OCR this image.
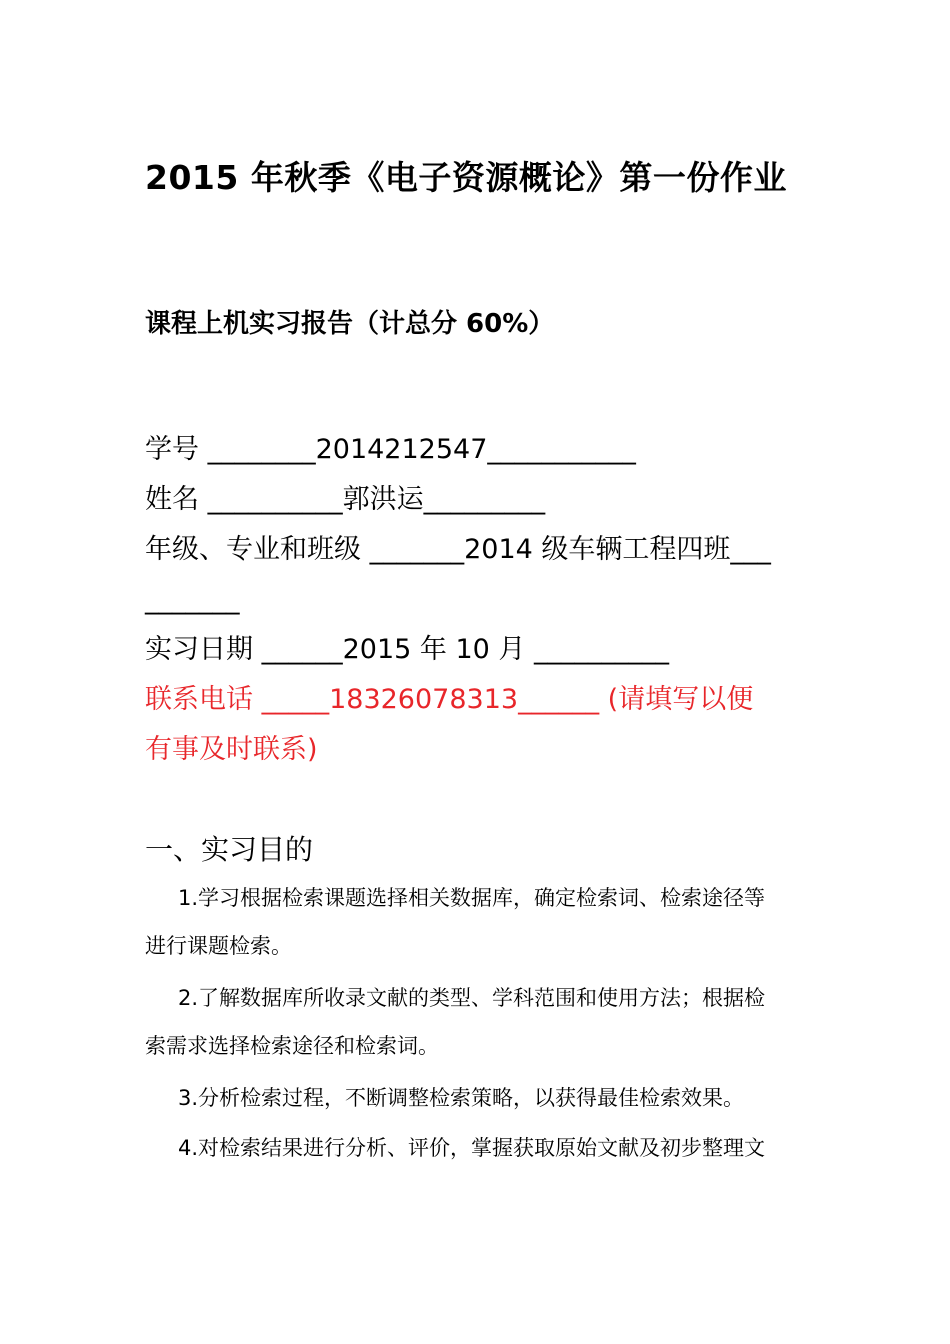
2015 年秋季《电子资源概论》第一份作业
课程上机实习报告（计总分 60%）
学号 ________2014212547___________
姓名 __________郭洪运_________
年级、专业和班级 _______2014 级车辆工程四班___
_______
实习日期 ______2015 年 10 月 __________
联系电话 _____18326078313______ (请填写以便
有事及时联系)
一、实习目的
1.学习根据检索课题选择相关数据库，确定检索词、检索途径等
进行课题检索。
2.了解数据库所收录文献的类型、学科范围和使用方法；根据检
索需求选择检索途径和检索词。
3.分析检索过程，不断调整检索策略，以获得最佳检索效果。
4.对检索结果进行分析、评价，掌握获取原始文献及初步整理文
